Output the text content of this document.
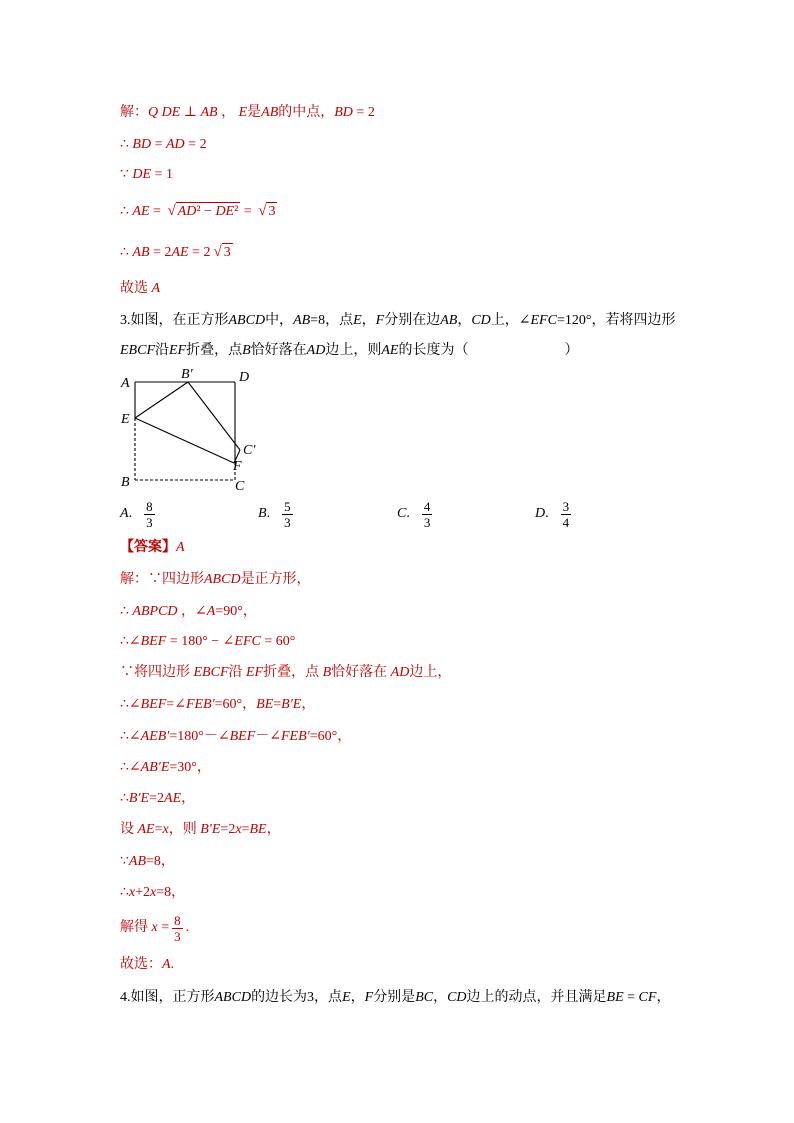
解：Q DE ⊥ AB ， E是AB的中点，BD = 2
∴ BD = AD = 2
∵ DE = 1
∴ AE = √ AD² − DE² = √ 3
∴ AB = 2AE = 2 √ 3
故选 A
3.如图，在正方形ABCD中，AB=8，点E，F分别在边AB，CD上，∠EFC=120°，若将四边形
EBCF沿EF折叠，点B恰好落在AD边上，则AE的长度为（	）
A
B′	D
E
C′
F
B	C
A. $\frac{8}{3}$	B. $\frac{5}{3}$	C. $\frac{4}{3}$	D. $\frac{3}{4}$
【答案】A
解：∵四边形ABCD是正方形，
∴ ABPCD ，∠A=90°，
∴∠BEF = 180° − ∠EFC = 60°
∵将四边形 EBCF沿 EF折叠，点 B恰好落在 AD边上，
∴∠BEF=∠FEB′=60°，BE=B′E，
∴∠AEB′=180°－∠BEF－∠FEB′=60°，
∴∠AB′E=30°，
∴B′E=2AE，
设 AE=x，则 B′E=2x=BE，
∵AB=8，
∴x+2x=8，
解得 $x = \frac{8}{3}$ .
故选：A.
4.如图，正方形ABCD的边长为3，点E，F分别是BC，CD边上的动点，并且满足BE = CF，
